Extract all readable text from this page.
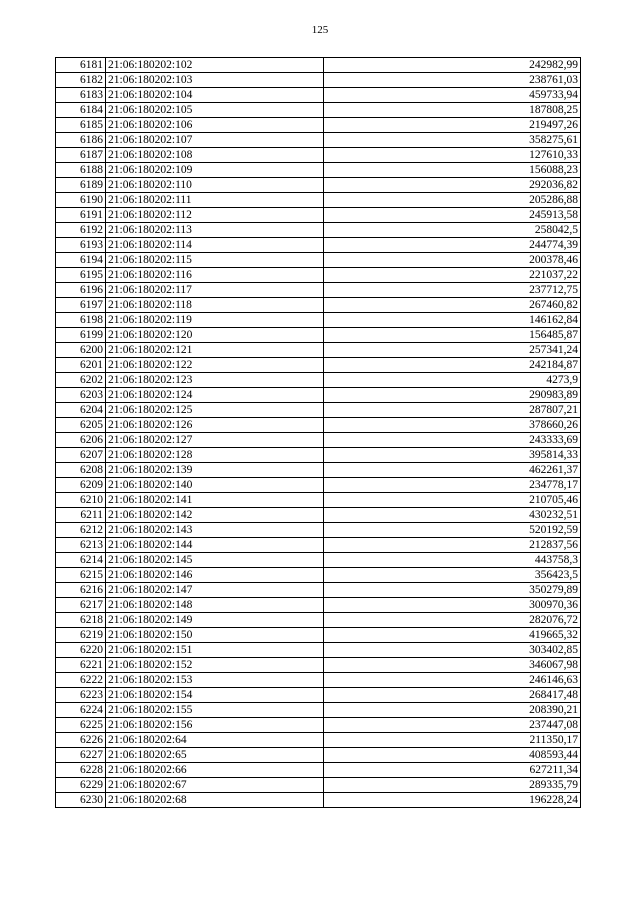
125
6181	21:06:180202:102	242982,99
6182	21:06:180202:103	238761,03
6183	21:06:180202:104	459733,94
6184	21:06:180202:105	187808,25
6185	21:06:180202:106	219497,26
6186	21:06:180202:107	358275,61
6187	21:06:180202:108	127610,33
6188	21:06:180202:109	156088,23
6189	21:06:180202:110	292036,82
6190	21:06:180202:111	205286,88
6191	21:06:180202:112	245913,58
6192	21:06:180202:113	258042,5
6193	21:06:180202:114	244774,39
6194	21:06:180202:115	200378,46
6195	21:06:180202:116	221037,22
6196	21:06:180202:117	237712,75
6197	21:06:180202:118	267460,82
6198	21:06:180202:119	146162,84
6199	21:06:180202:120	156485,87
6200	21:06:180202:121	257341,24
6201	21:06:180202:122	242184,87
6202	21:06:180202:123	4273,9
6203	21:06:180202:124	290983,89
6204	21:06:180202:125	287807,21
6205	21:06:180202:126	378660,26
6206	21:06:180202:127	243333,69
6207	21:06:180202:128	395814,33
6208	21:06:180202:139	462261,37
6209	21:06:180202:140	234778,17
6210	21:06:180202:141	210705,46
6211	21:06:180202:142	430232,51
6212	21:06:180202:143	520192,59
6213	21:06:180202:144	212837,56
6214	21:06:180202:145	443758,3
6215	21:06:180202:146	356423,5
6216	21:06:180202:147	350279,89
6217	21:06:180202:148	300970,36
6218	21:06:180202:149	282076,72
6219	21:06:180202:150	419665,32
6220	21:06:180202:151	303402,85
6221	21:06:180202:152	346067,98
6222	21:06:180202:153	246146,63
6223	21:06:180202:154	268417,48
6224	21:06:180202:155	208390,21
6225	21:06:180202:156	237447,08
6226	21:06:180202:64	211350,17
6227	21:06:180202:65	408593,44
6228	21:06:180202:66	627211,34
6229	21:06:180202:67	289335,79
6230	21:06:180202:68	196228,24
